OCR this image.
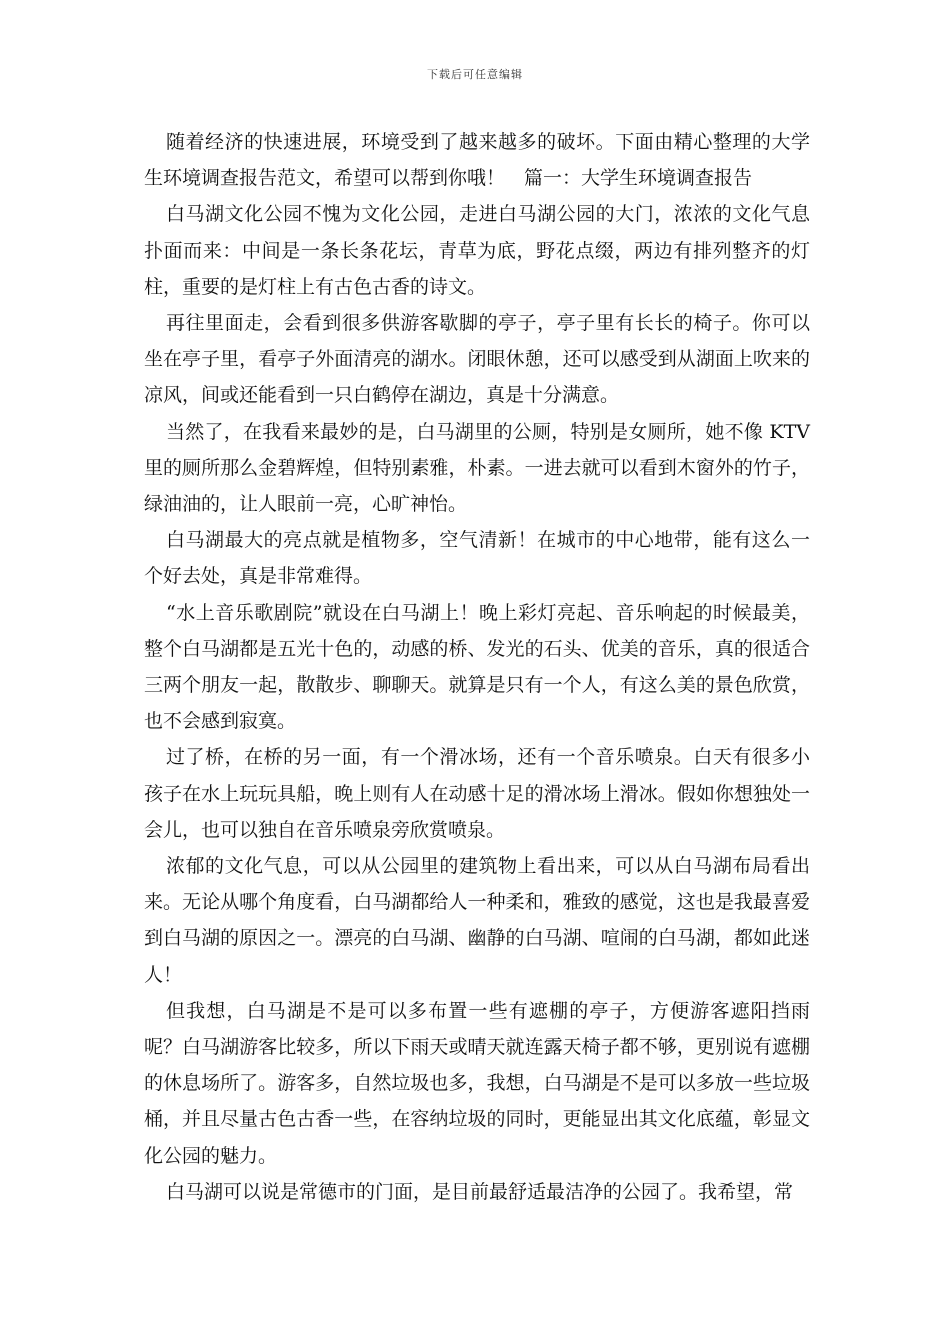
下载后可任意编辑

随着经济的快速进展，环境受到了越来越多的破坏。下面由精心整理的大学生环境调查报告范文，希望可以帮到你哦！　篇一：大学生环境调查报告

白马湖文化公园不愧为文化公园，走进白马湖公园的大门，浓浓的文化气息扑面而来：中间是一条长条花坛，青草为底，野花点缀，两边有排列整齐的灯柱，重要的是灯柱上有古色古香的诗文。

再往里面走，会看到很多供游客歇脚的亭子，亭子里有长长的椅子。你可以坐在亭子里，看亭子外面清亮的湖水。闭眼休憩，还可以感受到从湖面上吹来的凉风，间或还能看到一只白鹤停在湖边，真是十分满意。

当然了，在我看来最妙的是，白马湖里的公厕，特别是女厕所，她不像 KTV 里的厕所那么金碧辉煌，但特别素雅，朴素。一进去就可以看到木窗外的竹子，绿油油的，让人眼前一亮，心旷神怡。

白马湖最大的亮点就是植物多，空气清新！在城市的中心地带，能有这么一个好去处，真是非常难得。

“水上音乐歌剧院”就设在白马湖上！晚上彩灯亮起、音乐响起的时候最美，整个白马湖都是五光十色的，动感的桥、发光的石头、优美的音乐，真的很适合三两个朋友一起，散散步、聊聊天。就算是只有一个人，有这么美的景色欣赏，也不会感到寂寞。

过了桥，在桥的另一面，有一个滑冰场，还有一个音乐喷泉。白天有很多小孩子在水上玩玩具船，晚上则有人在动感十足的滑冰场上滑冰。假如你想独处一会儿，也可以独自在音乐喷泉旁欣赏喷泉。

浓郁的文化气息，可以从公园里的建筑物上看出来，可以从白马湖布局看出来。无论从哪个角度看，白马湖都给人一种柔和，雅致的感觉，这也是我最喜爱到白马湖的原因之一。漂亮的白马湖、幽静的白马湖、喧闹的白马湖，都如此迷人！

但我想，白马湖是不是可以多布置一些有遮棚的亭子，方便游客遮阳挡雨呢？白马湖游客比较多，所以下雨天或晴天就连露天椅子都不够，更别说有遮棚的休息场所了。游客多，自然垃圾也多，我想，白马湖是不是可以多放一些垃圾桶，并且尽量古色古香一些，在容纳垃圾的同时，更能显出其文化底蕴，彰显文化公园的魅力。

白马湖可以说是常德市的门面，是目前最舒适最洁净的公园了。我希望，常
